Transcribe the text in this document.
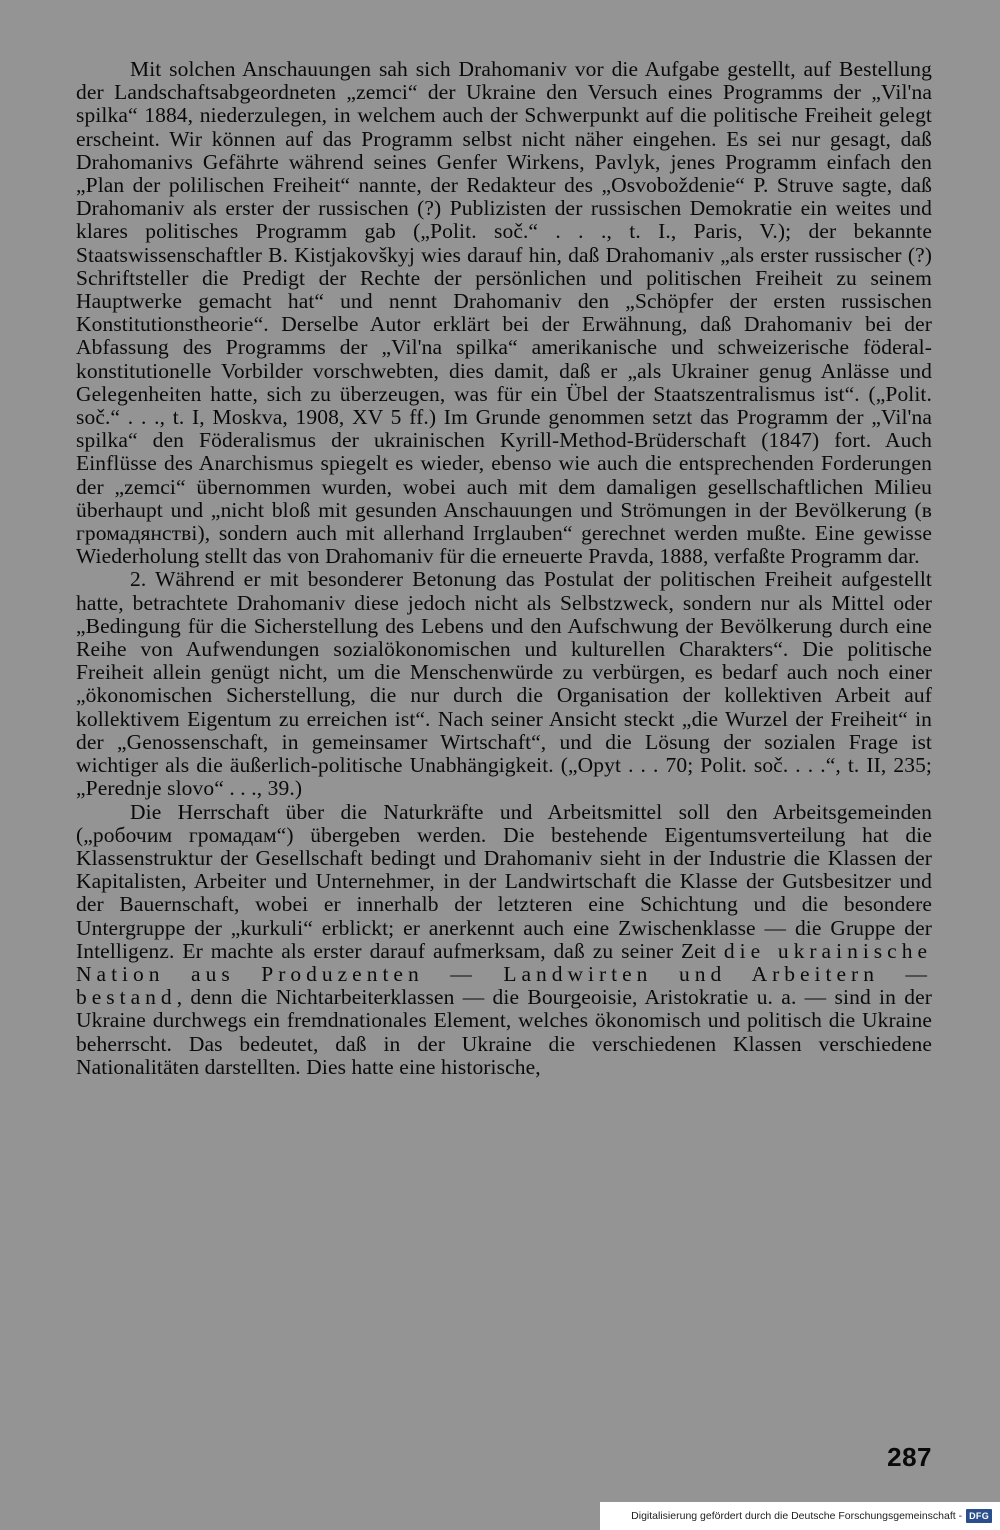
Mit solchen Anschauungen sah sich Drahomaniv vor die Aufgabe gestellt, auf Bestellung der Landschaftsabgeordneten „zemci“ der Ukraine den Versuch eines Programms der „Vil'na spilka“ 1884, niederzulegen, in welchem auch der Schwerpunkt auf die politische Freiheit gelegt erscheint. Wir können auf das Programm selbst nicht näher eingehen. Es sei nur gesagt, daß Drahomanivs Gefährte während seines Genfer Wirkens, Pavlyk, jenes Programm einfach den „Plan der polilischen Freiheit“ nannte, der Redakteur des „Osvoboždenie“ P. Struve sagte, daß Drahomaniv als erster der russischen (?) Publizisten der russischen Demokratie ein weites und klares politisches Programm gab („Polit. soč.“ . . ., t. I., Paris, V.); der bekannte Staatswissenschaftler B. Kistjakovškyj wies darauf hin, daß Drahomaniv „als erster russischer (?) Schriftsteller die Predigt der Rechte der persönlichen und politischen Freiheit zu seinem Hauptwerke gemacht hat“ und nennt Drahomaniv den „Schöpfer der ersten russischen Konstitutionstheorie“. Derselbe Autor erklärt bei der Erwähnung, daß Drahomaniv bei der Abfassung des Programms der „Vil'na spilka“ amerikanische und schweizerische föderal-konstitutionelle Vorbilder vorschwebten, dies damit, daß er „als Ukrainer genug Anlässe und Gelegenheiten hatte, sich zu überzeugen, was für ein Übel der Staatszentralismus ist“. („Polit. soč.“ . . ., t. I, Moskva, 1908, XV 5 ff.) Im Grunde genommen setzt das Programm der „Vil'na spilka“ den Föderalismus der ukrainischen Kyrill-Method-Brüderschaft (1847) fort. Auch Einflüsse des Anarchismus spiegelt es wieder, ebenso wie auch die entsprechenden Forderungen der „zemci“ übernommen wurden, wobei auch mit dem damaligen gesellschaftlichen Milieu überhaupt und „nicht bloß mit gesunden Anschauungen und Strömungen in der Bevölkerung (в громадянстві), sondern auch mit allerhand Irrglauben“ gerechnet werden mußte. Eine gewisse Wiederholung stellt das von Drahomaniv für die erneuerte Pravda, 1888, verfaßte Programm dar.

2. Während er mit besonderer Betonung das Postulat der politischen Freiheit aufgestellt hatte, betrachtete Drahomaniv diese jedoch nicht als Selbstzweck, sondern nur als Mittel oder „Bedingung für die Sicherstellung des Lebens und den Aufschwung der Bevölkerung durch eine Reihe von Aufwendungen sozialökonomischen und kulturellen Charakters“. Die politische Freiheit allein genügt nicht, um die Menschenwürde zu verbürgen, es bedarf auch noch einer „ökonomischen Sicherstellung, die nur durch die Organisation der kollektiven Arbeit auf kollektivem Eigentum zu erreichen ist“. Nach seiner Ansicht steckt „die Wurzel der Freiheit“ in der „Genossenschaft, in gemeinsamer Wirtschaft“, und die Lösung der sozialen Frage ist wichtiger als die äußerlich-politische Unabhängigkeit. („Opyt . . . 70; Polit. soč. . . .“, t. II, 235; „Perednje slovo“ . . ., 39.)

Die Herrschaft über die Naturkräfte und Arbeitsmittel soll den Arbeitsgemeinden („робочим громадам“) übergeben werden. Die bestehende Eigentumsverteilung hat die Klassenstruktur der Gesellschaft bedingt und Drahomaniv sieht in der Industrie die Klassen der Kapitalisten, Arbeiter und Unternehmer, in der Landwirtschaft die Klasse der Gutsbesitzer und der Bauernschaft, wobei er innerhalb der letzteren eine Schichtung und die besondere Untergruppe der „kurkuli“ erblickt; er anerkennt auch eine Zwischenklasse — die Gruppe der Intelligenz. Er machte als erster darauf aufmerksam, daß zu seiner Zeit die ukrainische Nation aus Produzenten — Landwirten und Arbeitern — bestand, denn die Nichtarbeiterklassen — die Bourgeoisie, Aristokratie u. a. — sind in der Ukraine durchwegs ein fremdnationales Element, welches ökonomisch und politisch die Ukraine beherrscht. Das bedeutet, daß in der Ukraine die verschiedenen Klassen verschiedene Nationalitäten darstellten. Dies hatte eine historische,

287
Digitalisierung gefördert durch die Deutsche Forschungsgemeinschaft - DFG
